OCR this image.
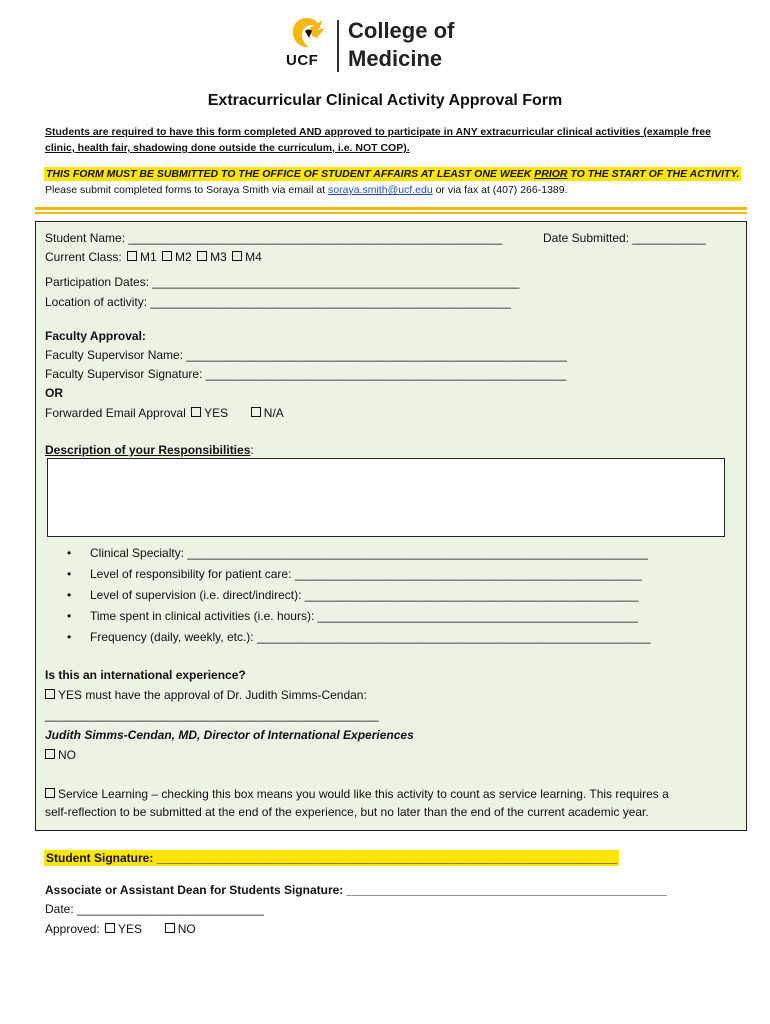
UCF
College of
Medicine
Extracurricular Clinical Activity Approval Form
Students are required to have this form completed AND approved to participate in ANY extracurricular clinical activities (example free clinic, health fair, shadowing done outside the curriculum, i.e. NOT COP).
THIS FORM MUST BE SUBMITTED TO THE OFFICE OF STUDENT AFFAIRS AT LEAST ONE WEEK PRIOR TO THE START OF THE ACTIVITY.
Please submit completed forms to Soraya Smith via email at soraya.smith@ucf.edu or via fax at (407) 266-1389.
Student Name: ________________________________________________________	Date Submitted: ___________
Current Class: M1 M2 M3 M4
Participation Dates: _______________________________________________________
Location of activity: ______________________________________________________
Faculty Approval:
Faculty Supervisor Name: _________________________________________________________
Faculty Supervisor Signature: ______________________________________________________
OR
Forwarded Email Approval YES	N/A
Description of your Responsibilities:
• Clinical Specialty: _____________________________________________________________________
• Level of responsibility for patient care: ____________________________________________________
• Level of supervision (i.e. direct/indirect): __________________________________________________
• Time spent in clinical activities (i.e. hours): ________________________________________________
• Frequency (daily, weekly, etc.): ___________________________________________________________
Is this an international experience?
YES must have the approval of Dr. Judith Simms-Cendan:
__________________________________________________
Judith Simms-Cendan, MD, Director of International Experiences
NO
Service Learning – checking this box means you would like this activity to count as service learning. This requires a
self-reflection to be submitted at the end of the experience, but no later than the end of the current academic year.
Student Signature: _____________________________________________________________________
Associate or Assistant Dean for Students Signature: ________________________________________________
Date: ____________________________
Approved: YES	NO
